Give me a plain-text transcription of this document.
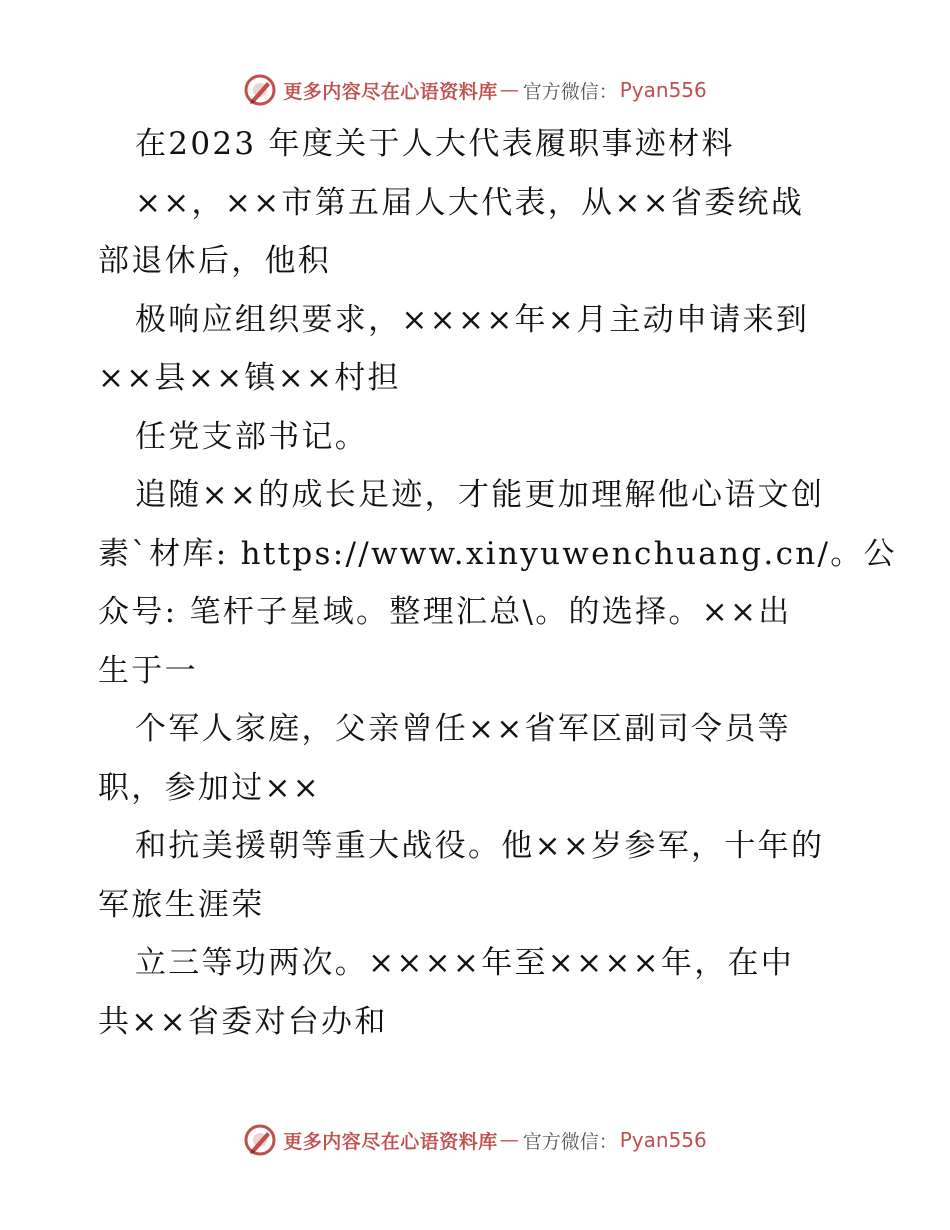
更多内容尽在心语资料库 — 官方微信： Pyan556
在2023 年度关于人大代表履职事迹材料
××，××市第五届人大代表，从××省委统战
部退休后，他积
极响应组织要求，××××年×月主动申请来到
××县××镇××村担
任党支部书记。
追随××的成长足迹，才能更加理解他心语文创
素`材库: https://www.xinyuwenchuang.cn/。公
众号: 笔杆子星域。整理汇总\。的选择。××出
生于一
个军人家庭，父亲曾任××省军区副司令员等
职，参加过××
和抗美援朝等重大战役。他××岁参军，十年的
军旅生涯荣
立三等功两次。××××年至××××年，在中
共××省委对台办和
更多内容尽在心语资料库 — 官方微信： Pyan556
